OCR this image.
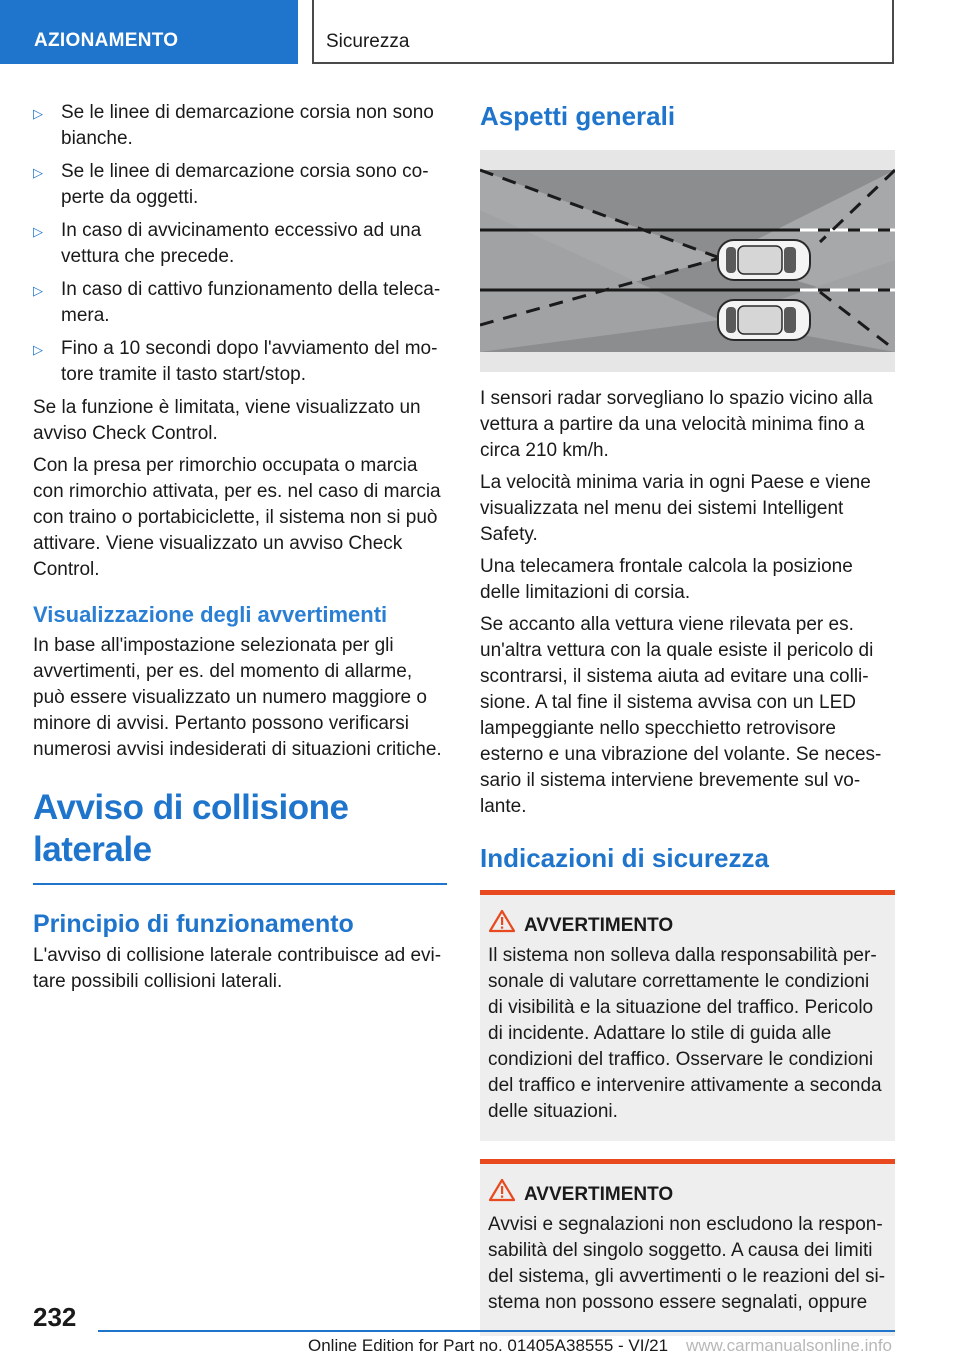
AZIONAMENTO	Sicurezza
▷ Se le linee di demarcazione corsia non sono bianche.
▷ Se le linee di demarcazione corsia sono coperte da oggetti.
▷ In caso di avvicinamento eccessivo ad una vettura che precede.
▷ In caso di cattivo funzionamento della telecamera.
▷ Fino a 10 secondi dopo l'avviamento del motore tramite il tasto start/stop.

Se la funzione è limitata, viene visualizzato un avviso Check Control.

Con la presa per rimorchio occupata o marcia con rimorchio attivata, per es. nel caso di marcia con traino o portabiciclette, il sistema non si può attivare. Viene visualizzato un avviso Check Control.

Visualizzazione degli avvertimenti

In base all'impostazione selezionata per gli avvertimenti, per es. del momento di allarme, può essere visualizzato un numero maggiore o minore di avvisi. Pertanto possono verificarsi numerosi avvisi indesiderati di situazioni critiche.

Avviso di collisione laterale
Principio di funzionamento

L'avviso di collisione laterale contribuisce ad evitare possibili collisioni laterali.

Aspetti generali

I sensori radar sorvegliano lo spazio vicino alla vettura a partire da una velocità minima fino a circa 210 km/h.

La velocità minima varia in ogni Paese e viene visualizzata nel menu dei sistemi Intelligent Safety.

Una telecamera frontale calcola la posizione delle limitazioni di corsia.

Se accanto alla vettura viene rilevata per es. un'altra vettura con la quale esiste il pericolo di scontrarsi, il sistema aiuta ad evitare una collisione. A tal fine il sistema avvisa con un LED lampeggiante nello specchietto retrovisore esterno e una vibrazione del volante. Se necessario il sistema interviene brevemente sul volante.

Indicazioni di sicurezza
AVVERTIMENTO

Il sistema non solleva dalla responsabilità personale di valutare correttamente le condizioni di visibilità e la situazione del traffico. Pericolo di incidente. Adattare lo stile di guida alle condizioni del traffico. Osservare le condizioni del traffico e intervenire attivamente a seconda delle situazioni.

AVVERTIMENTO

Avvisi e segnalazioni non escludono la responsabilità del singolo soggetto. A causa dei limiti del sistema, gli avvertimenti o le reazioni del sistema non possono essere segnalati, oppure

232
Online Edition for Part no. 01405A38555 - VI/21 www.carmanualsonline.info
